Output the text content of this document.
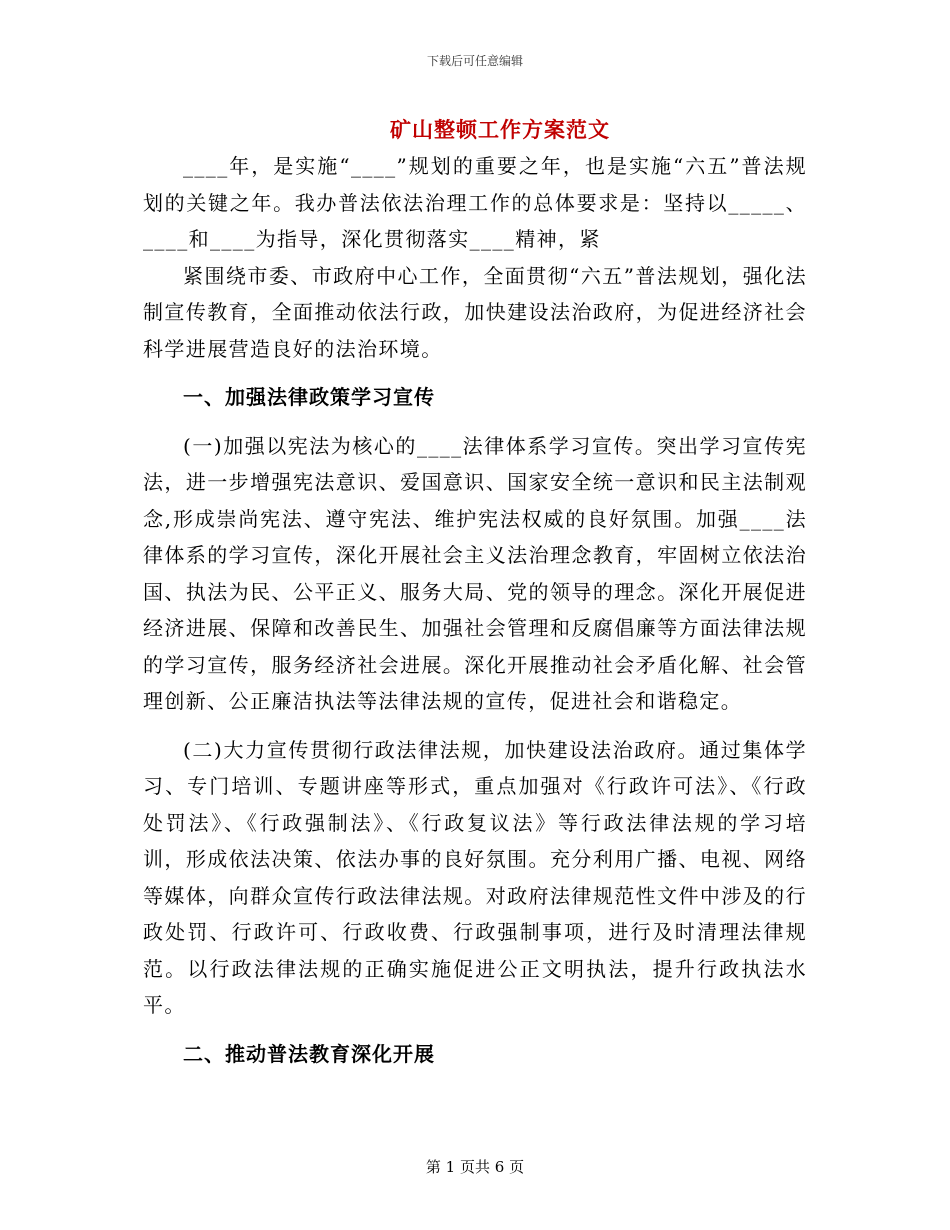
下载后可任意编辑
矿山整顿工作方案范文

____年，是实施“____”规划的重要之年，也是实施“六五”普法规划的关键之年。我办普法依法治理工作的总体要求是：坚持以_____、____和____为指导，深化贯彻落实____精神，紧

紧围绕市委、市政府中心工作，全面贯彻“六五”普法规划，强化法制宣传教育，全面推动依法行政，加快建设法治政府，为促进经济社会科学进展营造良好的法治环境。

一、加强法律政策学习宣传

(一)加强以宪法为核心的____法律体系学习宣传。突出学习宣传宪法，进一步增强宪法意识、爱国意识、国家安全统一意识和民主法制观念,形成崇尚宪法、遵守宪法、维护宪法权威的良好氛围。加强____法律体系的学习宣传，深化开展社会主义法治理念教育，牢固树立依法治国、执法为民、公平正义、服务大局、党的领导的理念。深化开展促进经济进展、保障和改善民生、加强社会管理和反腐倡廉等方面法律法规的学习宣传，服务经济社会进展。深化开展推动社会矛盾化解、社会管理创新、公正廉洁执法等法律法规的宣传，促进社会和谐稳定。

(二)大力宣传贯彻行政法律法规，加快建设法治政府。通过集体学习、专门培训、专题讲座等形式，重点加强对《行政许可法》、《行政处罚法》、《行政强制法》、《行政复议法》等行政法律法规的学习培训，形成依法决策、依法办事的良好氛围。充分利用广播、电视、网络等媒体，向群众宣传行政法律法规。对政府法律规范性文件中涉及的行政处罚、行政许可、行政收费、行政强制事项，进行及时清理法律规范。以行政法律法规的正确实施促进公正文明执法，提升行政执法水平。

二、推动普法教育深化开展
第 1 页共 6 页
